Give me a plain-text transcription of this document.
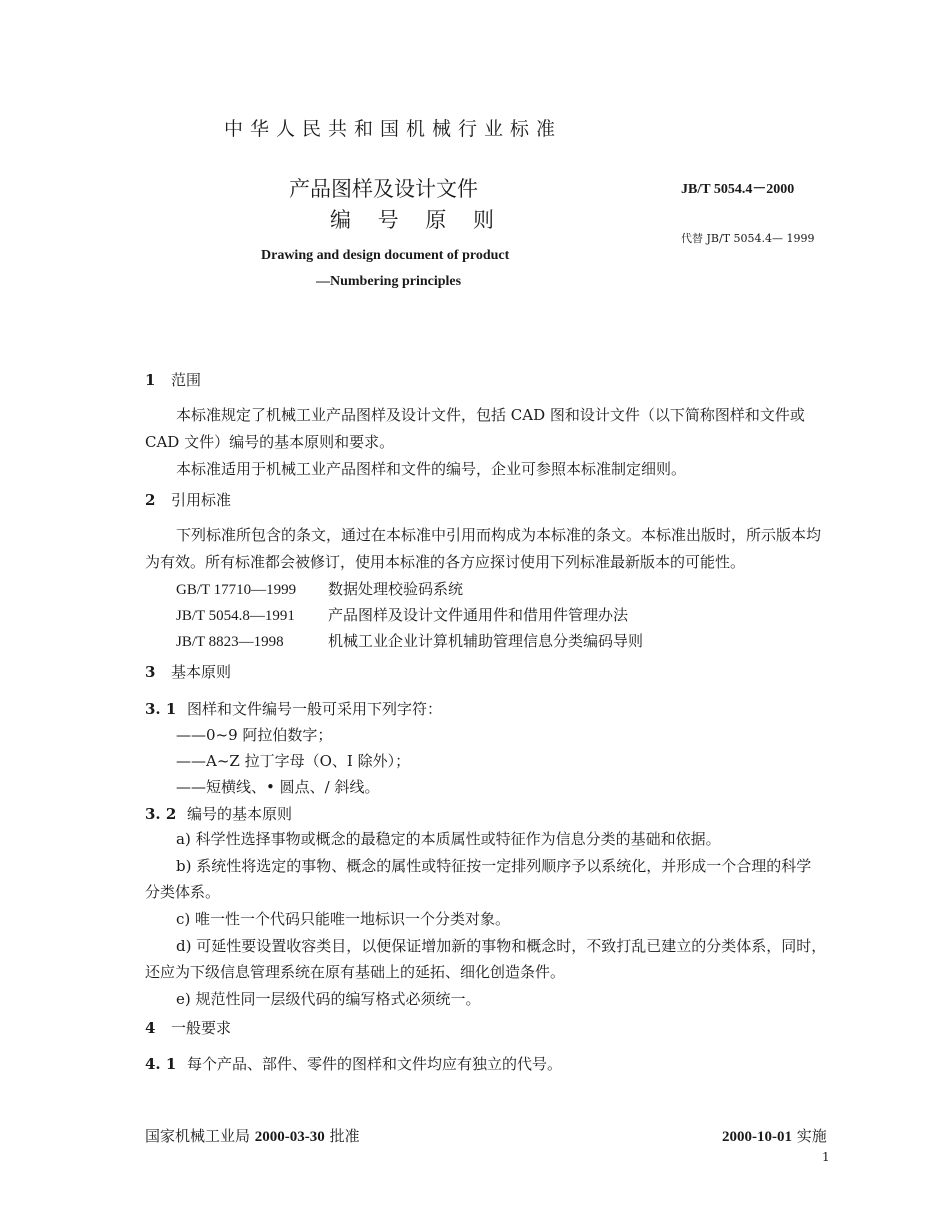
中华人民共和国机械行业标准
产品图样及设计文件
编 号 原 则
JB/T 5054.4－2000
代替 JB/T 5054.4— 1999
Drawing and design document of product
—Numbering principles
1 范围
本标准规定了机械工业产品图样及设计文件，包括 CAD 图和设计文件（以下简称图样和文件或
CAD 文件）编号的基本原则和要求。
本标准适用于机械工业产品图样和文件的编号，企业可参照本标准制定细则。
2 引用标准
下列标准所包含的条文，通过在本标准中引用而构成为本标准的条文。本标准出版时，所示版本均
为有效。所有标准都会被修订，使用本标准的各方应探讨使用下列标准最新版本的可能性。
GB/T 17710—1999 数据处理校验码系统
JB/T 5054.8—1991 产品图样及设计文件通用件和借用件管理办法
JB/T 8823—1998	机械工业企业计算机辅助管理信息分类编码导则
3 基本原则
3. 1 图样和文件编号一般可采用下列字符：
——0~9 阿拉伯数字；
——A~Z 拉丁字母（O、I 除外）；
——短横线、• 圆点、/ 斜线。
3. 2 编号的基本原则
a) 科学性选择事物或概念的最稳定的本质属性或特征作为信息分类的基础和依据。
b) 系统性将选定的事物、概念的属性或特征按一定排列顺序予以系统化，并形成一个合理的科学
分类体系。
c) 唯一性一个代码只能唯一地标识一个分类对象。
d) 可延性要设置收容类目，以便保证增加新的事物和概念时，不致打乱已建立的分类体系，同时，
还应为下级信息管理系统在原有基础上的延拓、细化创造条件。
e) 规范性同一层级代码的编写格式必须统一。
4 一般要求
4. 1 每个产品、部件、零件的图样和文件均应有独立的代号。
国家机械工业局 2000-03-30 批准	2000-10-01 实施
1
